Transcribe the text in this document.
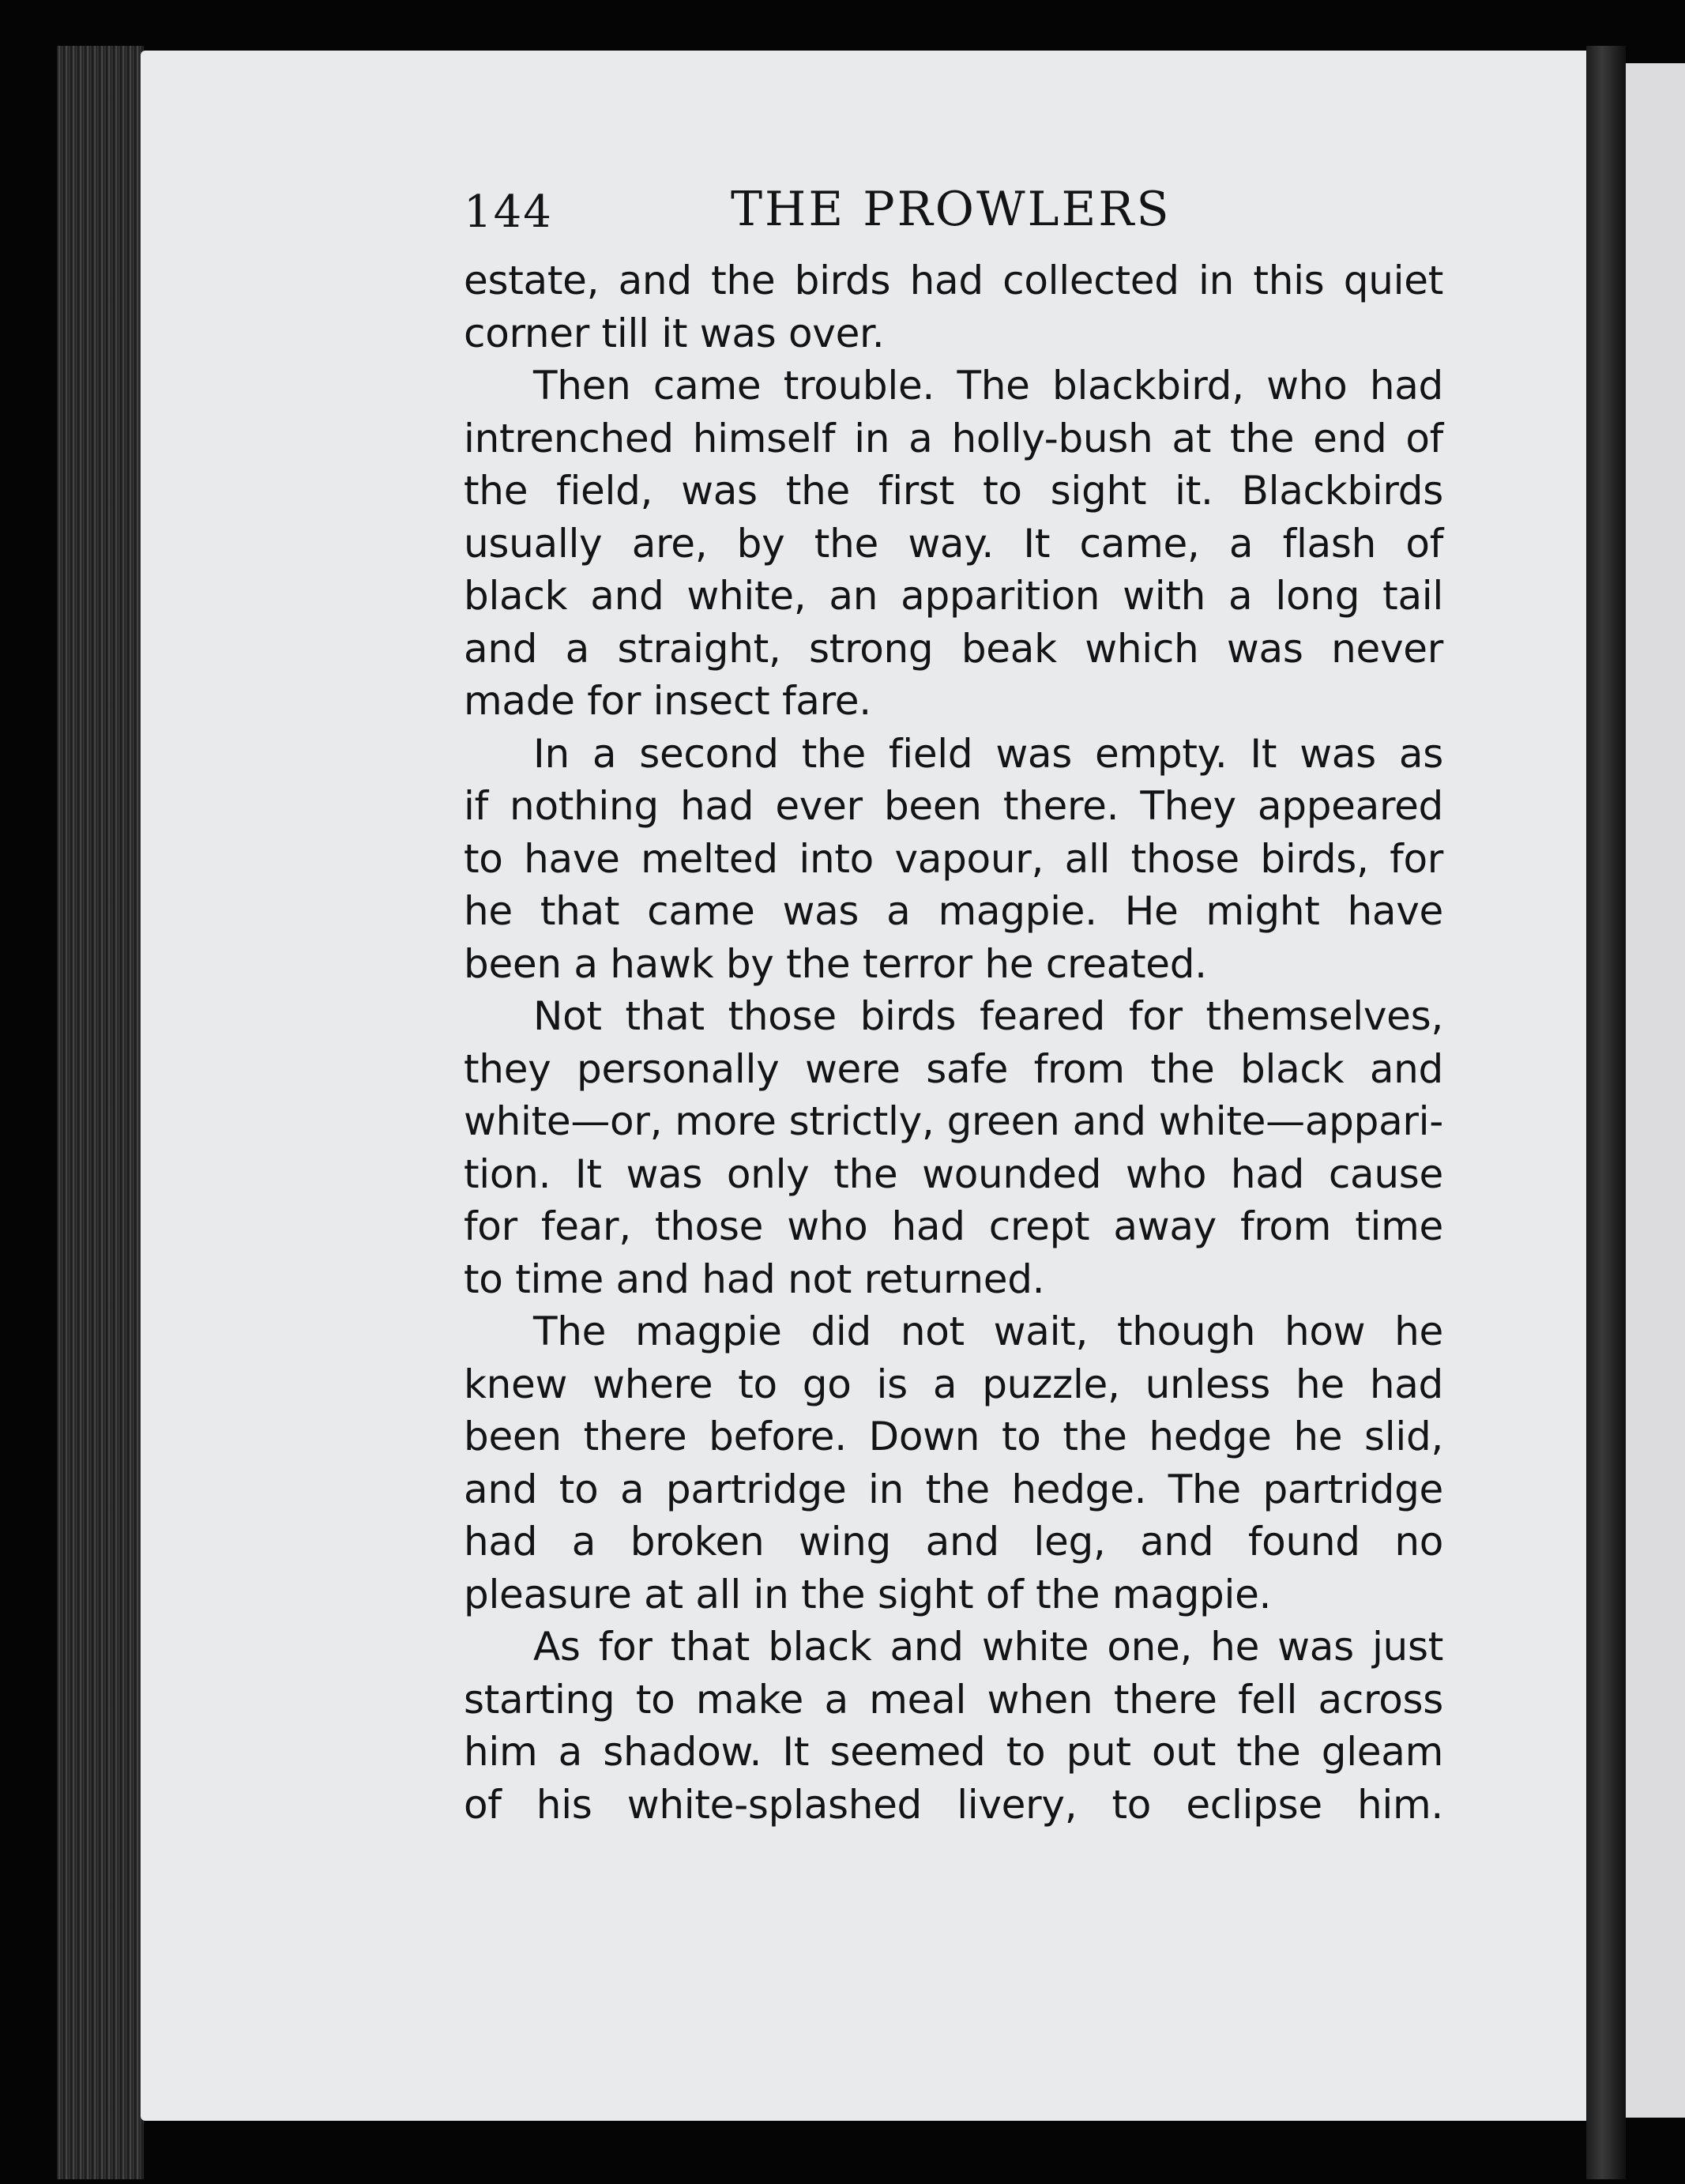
144	THE PROWLERS

estate, and the birds had collected in this quiet
corner till it was over.

Then came trouble. The blackbird, who had
intrenched himself in a holly-bush at the end of
the field, was the first to sight it. Blackbirds
usually are, by the way. It came, a flash of
black and white, an apparition with a long tail
and a straight, strong beak which was never
made for insect fare.

In a second the field was empty. It was as
if nothing had ever been there. They appeared
to have melted into vapour, all those birds, for
he that came was a magpie. He might have
been a hawk by the terror he created.

Not that those birds feared for themselves,
they personally were safe from the black and
white—or, more strictly, green and white—appari-
tion. It was only the wounded who had cause
for fear, those who had crept away from time
to time and had not returned.

The magpie did not wait, though how he
knew where to go is a puzzle, unless he had
been there before. Down to the hedge he slid,
and to a partridge in the hedge. The partridge
had a broken wing and leg, and found no
pleasure at all in the sight of the magpie.

As for that black and white one, he was just
starting to make a meal when there fell across
him a shadow. It seemed to put out the gleam
of his white-splashed livery, to eclipse him.
